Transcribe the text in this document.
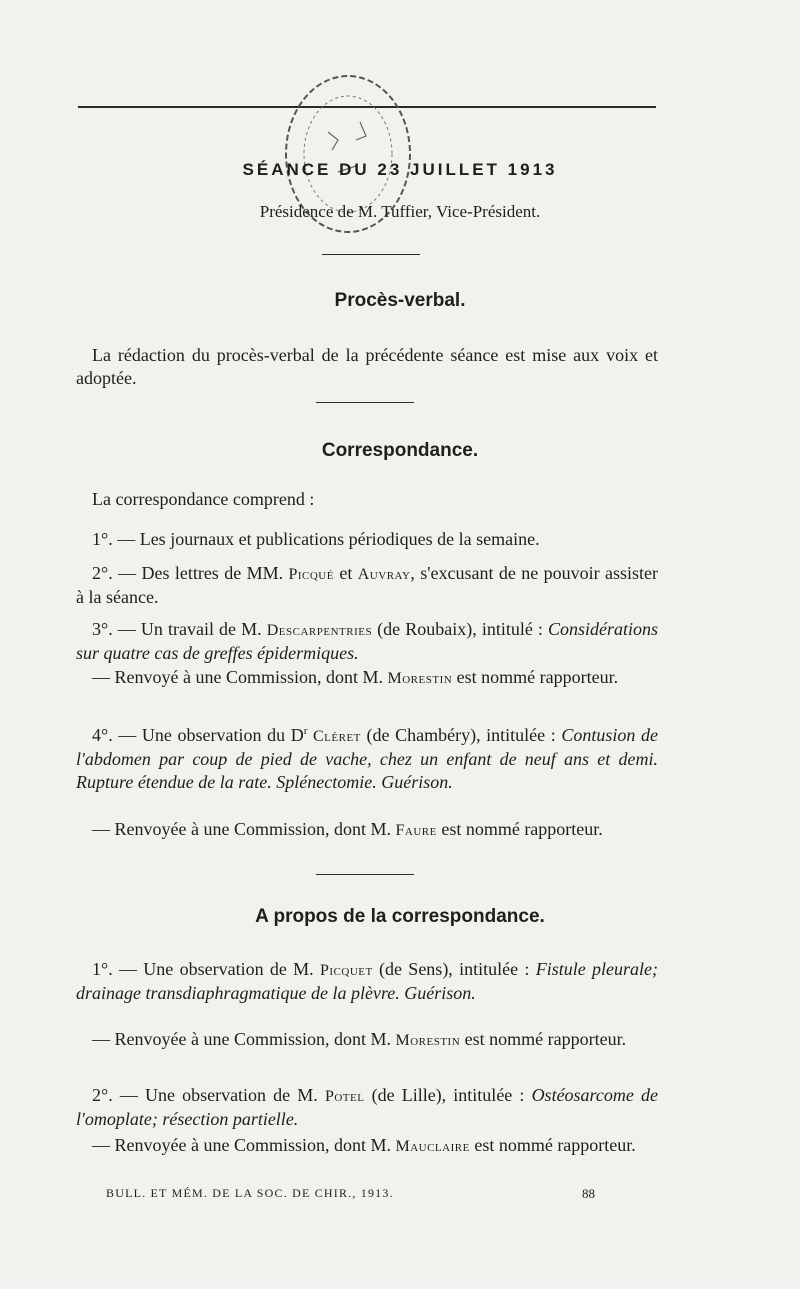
SÉANCE DU 23 JUILLET 1913
Présidence de M. Tuffier, Vice-Président.
Procès-verbal.
La rédaction du procès-verbal de la précédente séance est mise aux voix et adoptée.
Correspondance.
La correspondance comprend :
1°. — Les journaux et publications périodiques de la semaine.
2°. — Des lettres de MM. Picqué et Auvray, s'excusant de ne pouvoir assister à la séance.
3°. — Un travail de M. Descarpentries (de Roubaix), intitulé : Considérations sur quatre cas de greffes épidermiques.
— Renvoyé à une Commission, dont M. Morestin est nommé rapporteur.
4°. — Une observation du $D^r$ Cléret (de Chambéry), intitulée : Contusion de l'abdomen par coup de pied de vache, chez un enfant de neuf ans et demi. Rupture étendue de la rate. Splénectomie. Guérison.
— Renvoyée à une Commission, dont M. Faure est nommé rapporteur.
A propos de la correspondance.
1°. — Une observation de M. Picquet (de Sens), intitulée : Fistule pleurale; drainage transdiaphragmatique de la plèvre. Guérison.
— Renvoyée à une Commission, dont M. Morestin est nommé rapporteur.
2°. — Une observation de M. Potel (de Lille), intitulée : Ostéosarcome de l'omoplate; résection partielle.
— Renvoyée à une Commission, dont M. Mauclaire est nommé rapporteur.
BULL. ET MÉM. DE LA SOC. DE CHIR., 1913.	88
